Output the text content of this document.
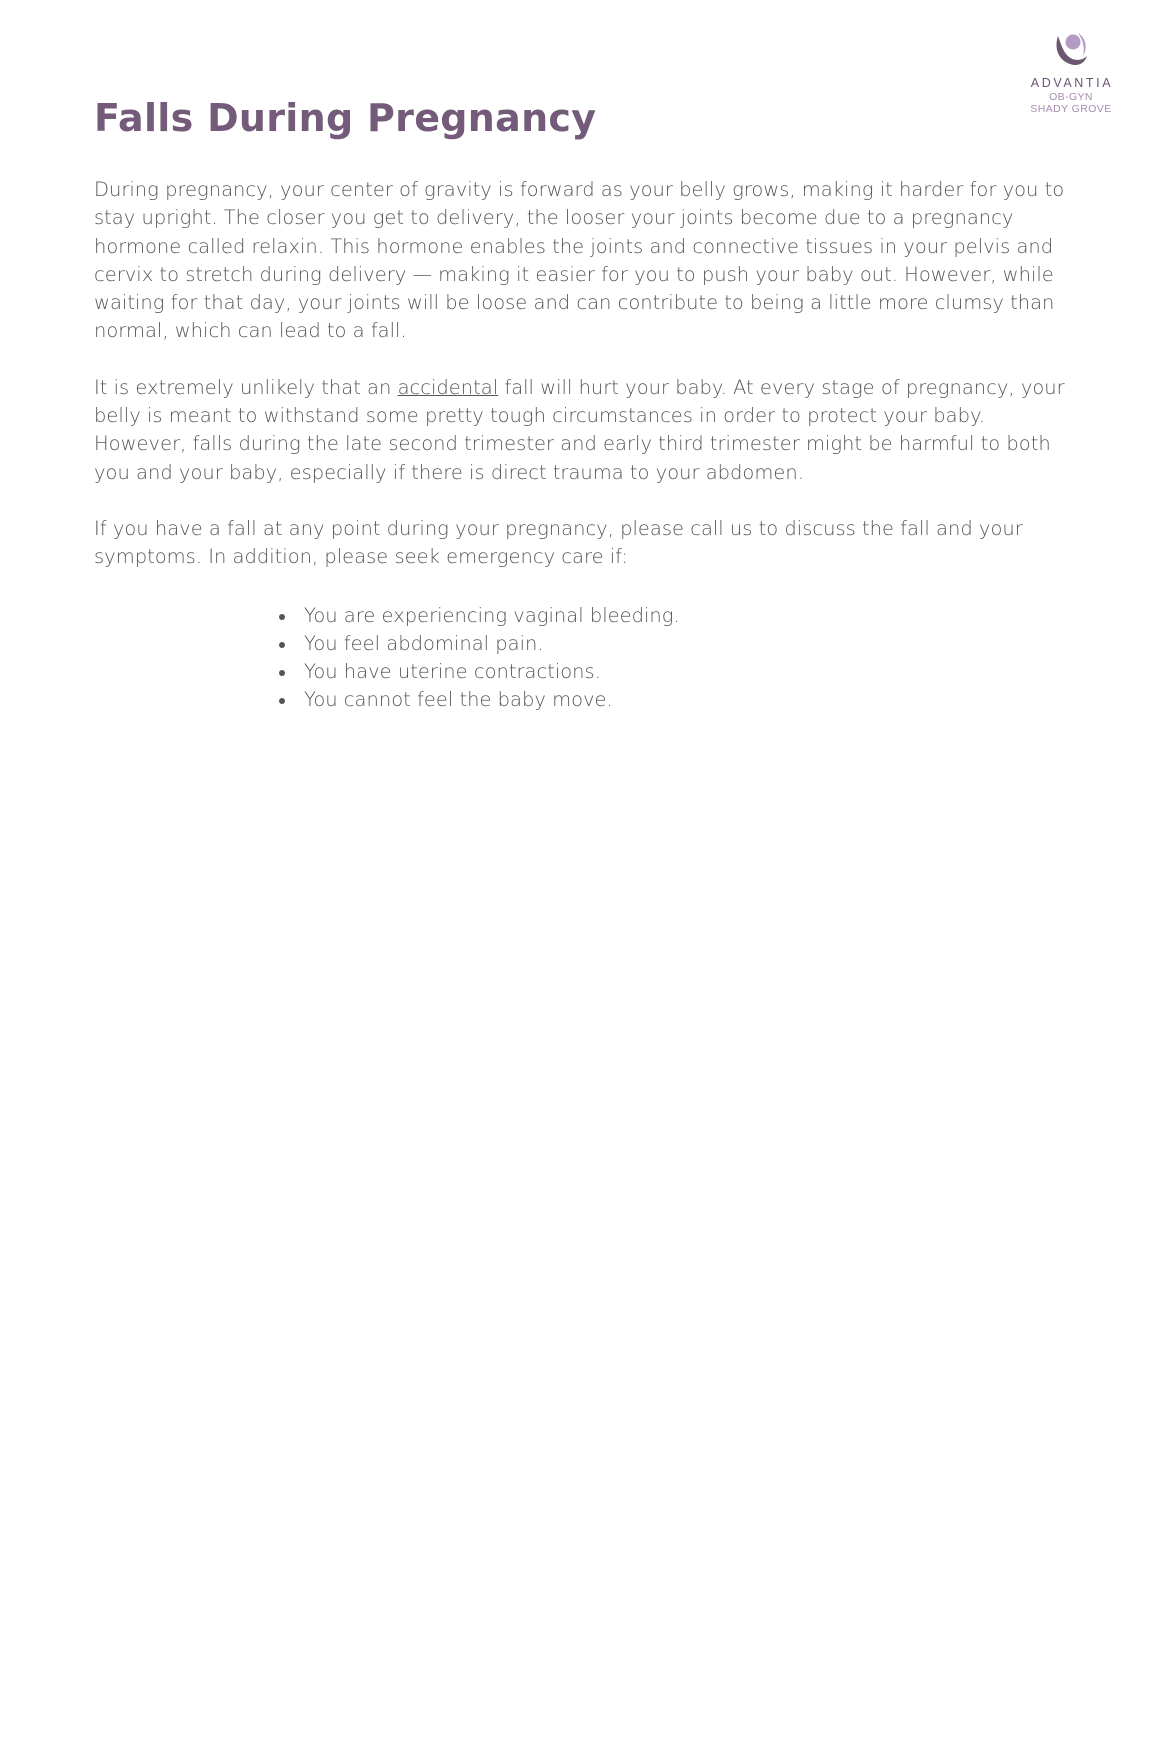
ADVANTIA
OB-GYN
SHADY GROVE
Falls During Pregnancy

During pregnancy, your center of gravity is forward as your belly grows, making it harder for you to stay upright. The closer you get to delivery, the looser your joints become due to a pregnancy hormone called relaxin. This hormone enables the joints and connective tissues in your pelvis and cervix to stretch during delivery — making it easier for you to push your baby out. However, while waiting for that day, your joints will be loose and can contribute to being a little more clumsy than normal, which can lead to a fall.

It is extremely unlikely that an accidental fall will hurt your baby. At every stage of pregnancy, your belly is meant to withstand some pretty tough circumstances in order to protect your baby. However, falls during the late second trimester and early third trimester might be harmful to both you and your baby, especially if there is direct trauma to your abdomen.

If you have a fall at any point during your pregnancy, please call us to discuss the fall and your symptoms. In addition, please seek emergency care if:

You are experiencing vaginal bleeding.
You feel abdominal pain.
You have uterine contractions.
You cannot feel the baby move.
